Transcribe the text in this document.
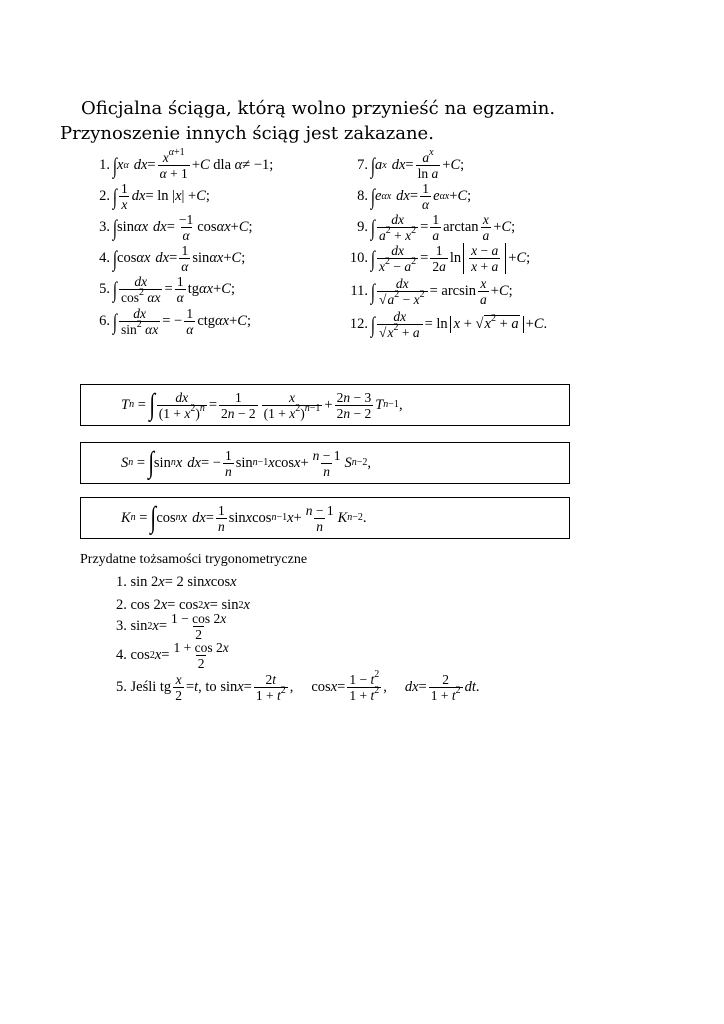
Oficjalna ściąga, którą wolno przynieść na egzamin. Przynoszenie innych ściąg jest zakazane.

1. ∫ x α dx = $\frac{x^{\alpha+1}}{\alpha + 1} + C$
dla
α ≠ −1;
2. ∫ $\frac{1}{x}$ dx = ln | x | + C ;
3. ∫ sin αx dx = $\frac{-1}{\alpha}$ cos αx + C ;
4. ∫ cos αx dx = $\frac{1}{\alpha}$ sin αx + C ;
5. ∫ $\frac{dx}{\cos^2 \alpha x} = \frac{1}{\alpha}$ tg αx + C ;
6. ∫ $\frac{dx}{\sin^2 \alpha x}$ = − $\frac{1}{\alpha}$ ctg αx + C ;
7. ∫ a x dx = $\frac{a^x}{\text{ln a}} + C$ ;
8. ∫ e αx dx = $\frac{1}{\alpha}$ e αx + C ;
9. ∫ $\frac{dx}{a^2 + x^2} = \frac{1}{a}$ $\arctan \frac{x}{a} + C$ ;
10. ∫ $\frac{dx}{x^2 - a^2} = \frac{1}{2a}$ $\ln \frac{x - a}{x + a} + C$ ;
11. ∫ $\frac{dx}{√a^2 - x^2} = \arcsin \frac{x}{a} + C$ ;
12. ∫ $\frac{dx}{√x^2 + a} = \ln x + √x^2 + a + C$ .
T n = ∫ $\frac{dx}{(1 + x^2)^n} = \frac{1}{2n - 2} \frac{x}{(1 + x^2)^{n-1}} + \frac{2n - 3}{2n - 2}$ T n−1 ,
S n = ∫ sin n x dx = − $\frac{1}{n}$ sin n−1 x $\cos x + \frac{n - 1}{n}$ S n−2 ,
K n = ∫ cos n x dx = $\frac{1}{n}$ sin x cos n−1 $x + \frac{n - 1}{n}$ K n−2 .
Przydatne tożsamości trygonometryczne
1. sin 2 x = 2 sin x cos x
2. cos 2 x = cos 2 x = sin 2 x
3. sin 2 $x = \frac{1 - \cos 2x}{2}$
4. cos 2 $x = \frac{1 + \cos 2x}{2}$
5.
Jeśli tg $\frac{x}{2} = t$ , to $\sin x = \frac{2t}{1 + t^2}$ , $\cos x = \frac{1 - t^2}{1 + t^2}$ , dx = $\frac{2}{1 + t^2}$ dt .
